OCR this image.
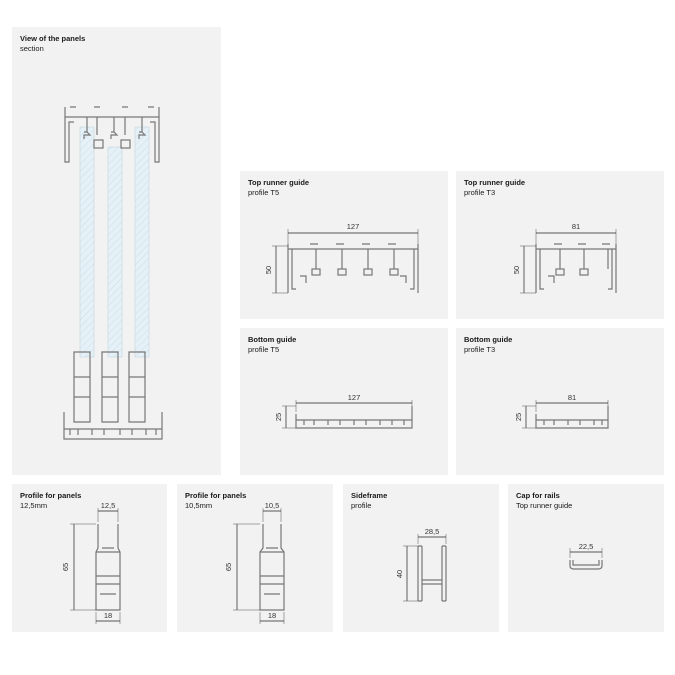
View of the panels
section
Top runner guide
profile T5
127
50
Top runner guide
profile T3
81
50
Bottom guide
profile T5
127
25
Bottom guide
profile T3
81
25
Profile for panels
12,5mm	12,5
65
18
Profile for panels
10,5mm	10,5
65
18
Sideframe
profile
28,5
40
Cap for rails
Top runner guide
22,5
